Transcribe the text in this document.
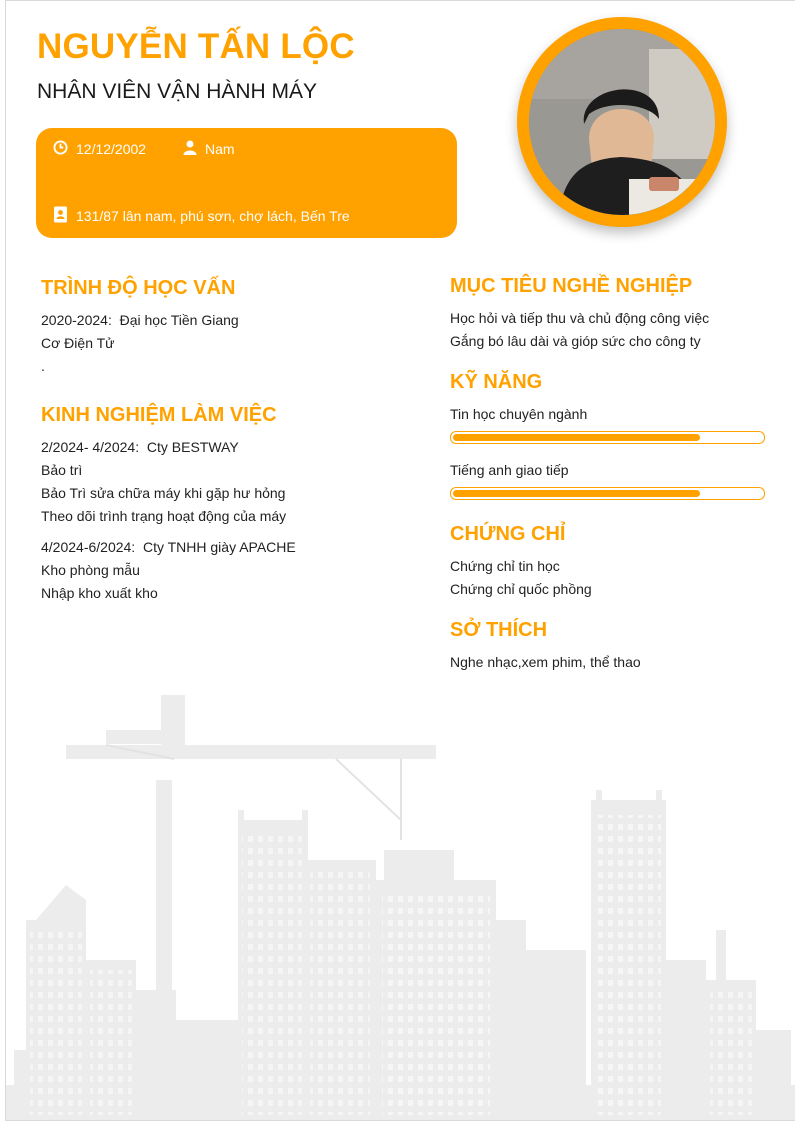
NGUYỄN TẤN LỘC
NHÂN VIÊN VẬN HÀNH MÁY
12/12/2002	Nam
131/87 lân nam, phú sơn, chợ lách, Bến Tre
TRÌNH ĐỘ HỌC VẤN
2020-2024: Đại học Tiền Giang
Cơ Điện Tử
.
KINH NGHIỆM LÀM VIỆC
2/2024- 4/2024: Cty BESTWAY
Bảo trì
Bảo Trì sửa chữa máy khi gặp hư hỏng
Theo dõi trình trạng hoạt động của máy
4/2024-6/2024: Cty TNHH giày APACHE
Kho phòng mẫu
Nhập kho xuất kho
MỤC TIÊU NGHỀ NGHIỆP
Học hỏi và tiếp thu và chủ động công việc
Gắng bó lâu dài và gióp sức cho công ty
KỸ NĂNG
Tin học chuyên ngành
Tiếng anh giao tiếp
CHỨNG CHỈ
Chứng chỉ tin học
Chứng chỉ quốc phồng
SỞ THÍCH
Nghe nhạc,xem phim, thể thao
